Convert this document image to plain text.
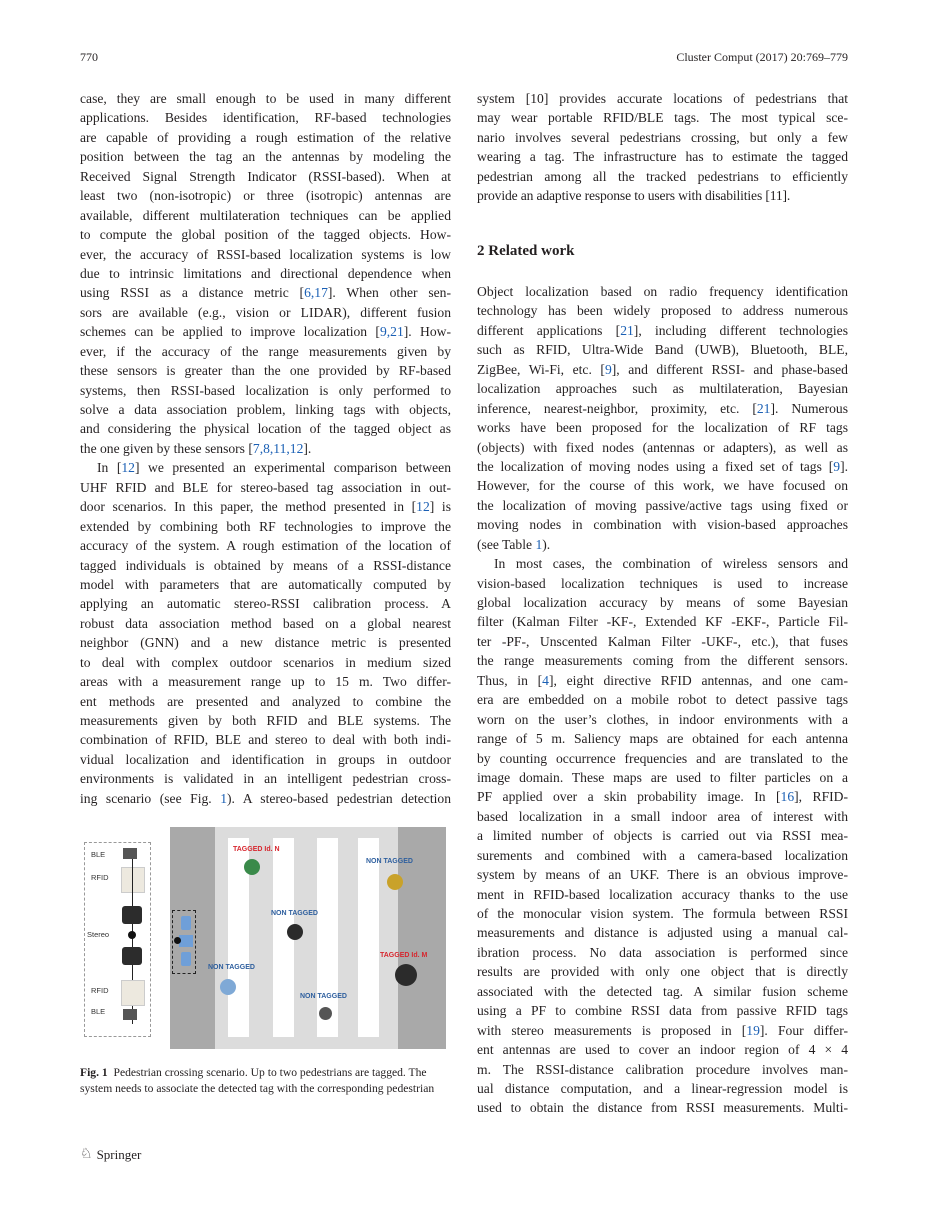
770	Cluster Comput (2017) 20:769–779
case, they are small enough to be used in many different
applications. Besides identification, RF-based technologies
are capable of providing a rough estimation of the relative
position between the tag an the antennas by modeling the
Received Signal Strength Indicator (RSSI-based). When at
least two (non-isotropic) or three (isotropic) antennas are
available, different multilateration techniques can be applied
to compute the global position of the tagged objects. How-
ever, the accuracy of RSSI-based localization systems is low
due to intrinsic limitations and directional dependence when
using RSSI as a distance metric [6,17]. When other sen-
sors are available (e.g., vision or LIDAR), different fusion
schemes can be applied to improve localization [9,21]. How-
ever, if the accuracy of the range measurements given by
these sensors is greater than the one provided by RF-based
systems, then RSSI-based localization is only performed to
solve a data association problem, linking tags with objects,
and considering the physical location of the tagged object as
the one given by these sensors [7,8,11,12].
In [12] we presented an experimental comparison between
UHF RFID and BLE for stereo-based tag association in out-
door scenarios. In this paper, the method presented in [12] is
extended by combining both RF technologies to improve the
accuracy of the system. A rough estimation of the location of
tagged individuals is obtained by means of a RSSI-distance
model with parameters that are automatically computed by
applying an automatic stereo-RSSI calibration process. A
robust data association method based on a global nearest
neighbor (GNN) and a new distance metric is presented
to deal with complex outdoor scenarios in medium sized
areas with a measurement range up to 15 m. Two differ-
ent methods are presented and analyzed to combine the
measurements given by both RFID and BLE systems. The
combination of RFID, BLE and stereo to deal with both indi-
vidual localization and identification in groups in outdoor
environments is validated in an intelligent pedestrian cross-
ing scenario (see Fig. 1). A stereo-based pedestrian detection
BLE
RFID
Stereo
RFID
BLE
TAGGED Id. N
NON TAGGED
NON TAGGED
TAGGED Id. M
NON TAGGED
NON TAGGED
Fig. 1 Pedestrian crossing scenario. Up to two pedestrians are tagged. The system needs to associate the detected tag with the corresponding pedestrian
system [10] provides accurate locations of pedestrians that
may wear portable RFID/BLE tags. The most typical sce-
nario involves several pedestrians crossing, but only a few
wearing a tag. The infrastructure has to estimate the tagged
pedestrian among all the tracked pedestrians to efficiently
provide an adaptive response to users with disabilities [11].
2 Related work
Object localization based on radio frequency identification
technology has been widely proposed to address numerous
different applications [21], including different technologies
such as RFID, Ultra-Wide Band (UWB), Bluetooth, BLE,
ZigBee, Wi-Fi, etc. [9], and different RSSI- and phase-based
localization approaches such as multilateration, Bayesian
inference, nearest-neighbor, proximity, etc. [21]. Numerous
works have been proposed for the localization of RF tags
(objects) with fixed nodes (antennas or adapters), as well as
the localization of moving nodes using a fixed set of tags [9].
However, for the course of this work, we have focused on
the localization of moving passive/active tags using fixed or
moving nodes in combination with vision-based approaches
(see Table 1).
In most cases, the combination of wireless sensors and
vision-based localization techniques is used to increase
global localization accuracy by means of some Bayesian
filter (Kalman Filter -KF-, Extended KF -EKF-, Particle Fil-
ter -PF-, Unscented Kalman Filter -UKF-, etc.), that fuses
the range measurements coming from the different sensors.
Thus, in [4], eight directive RFID antennas, and one cam-
era are embedded on a mobile robot to detect passive tags
worn on the user’s clothes, in indoor environments with a
range of 5 m. Saliency maps are obtained for each antenna
by counting occurrence frequencies and are translated to the
image domain. These maps are used to filter particles on a
PF applied over a skin probability image. In [16], RFID-
based localization in a small indoor area of interest with
a limited number of objects is carried out via RSSI mea-
surements and combined with a camera-based localization
system by means of an UKF. There is an obvious improve-
ment in RFID-based localization accuracy thanks to the use
of the monocular vision system. The formula between RSSI
measurements and distance is adjusted using a manual cal-
ibration process. No data association is performed since
results are provided with only one object that is directly
associated with the detected tag. A similar fusion scheme
using a PF to combine RSSI data from passive RFID tags
with stereo measurements is proposed in [19]. Four differ-
ent antennas are used to cover an indoor region of 4 × 4
m. The RSSI-distance calibration procedure involves man-
ual distance computation, and a linear-regression model is
used to obtain the distance from RSSI measurements. Multi-
♘ Springer
